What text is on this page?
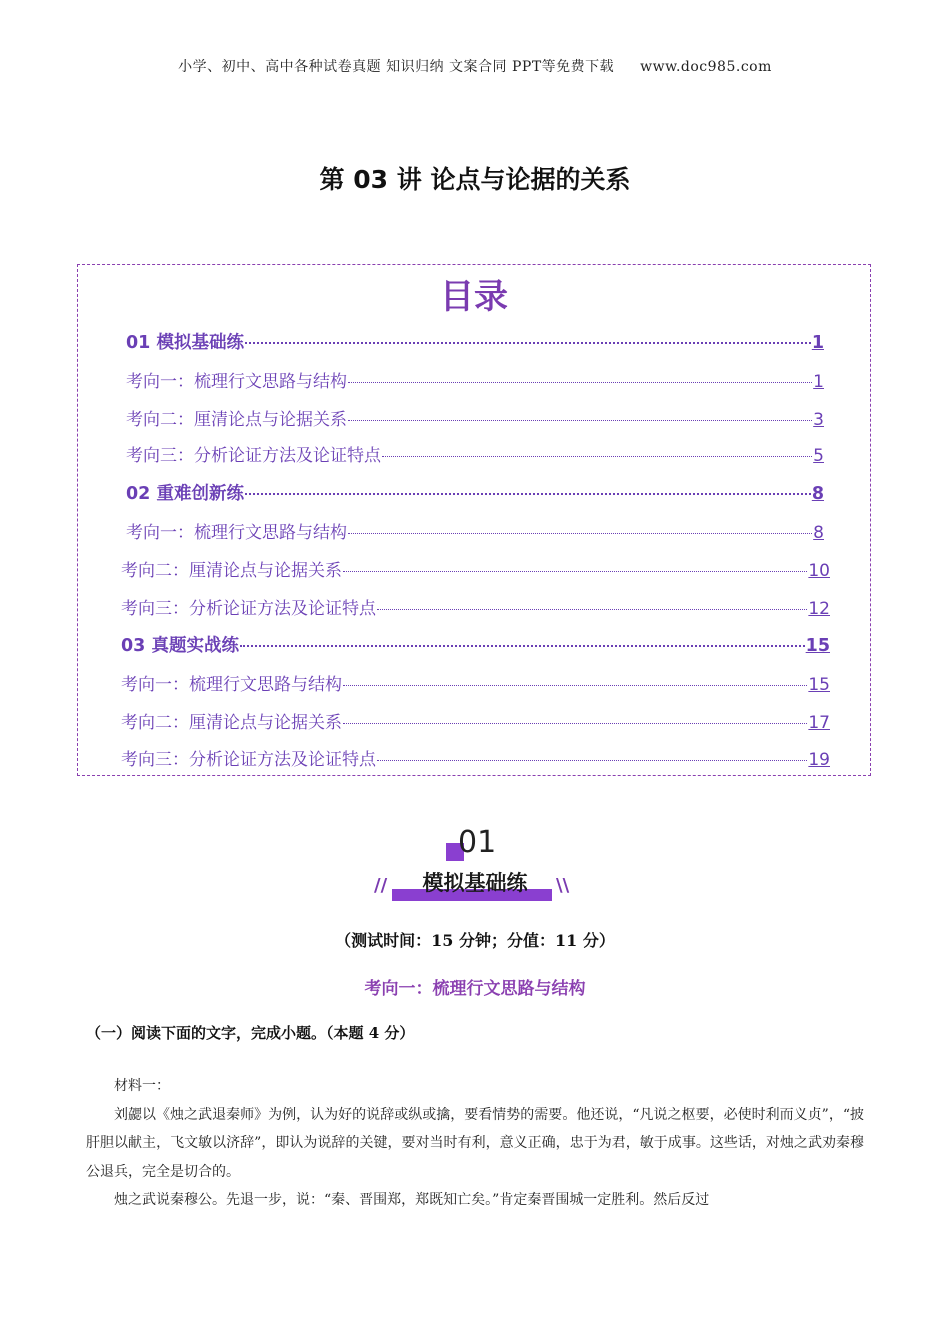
小学、初中、高中各种试卷真题 知识归纳 文案合同 PPT等免费下载 www.doc985.com
第 03 讲 论点与论据的关系
目录
01 模拟基础练	1
考向一：梳理行文思路与结构	1
考向二：厘清论点与论据关系	3
考向三：分析论证方法及论证特点	5
02 重难创新练	8
考向一：梳理行文思路与结构	8
考向二：厘清论点与论据关系	10
考向三：分析论证方法及论证特点	12
03 真题实战练	15
考向一：梳理行文思路与结构	15
考向二：厘清论点与论据关系	17
考向三：分析论证方法及论证特点	19
01
//	\\
模拟基础练
（测试时间：15 分钟；分值：11 分）
考向一：梳理行文思路与结构
（一）阅读下面的文字，完成小题。（本题 4 分）

材料一：

刘勰以《烛之武退秦师》为例，认为好的说辞或纵或擒，要看情势的需要。他还说，“凡说之枢要，必使时利而义贞”，“披肝胆以献主，飞文敏以济辞”，即认为说辞的关键，要对当时有利，意义正确，忠于为君，敏于成事。这些话，对烛之武劝秦穆公退兵，完全是切合的。

烛之武说秦穆公。先退一步，说：“秦、晋围郑，郑既知亡矣。”肯定秦晋围城一定胜利。然后反过
